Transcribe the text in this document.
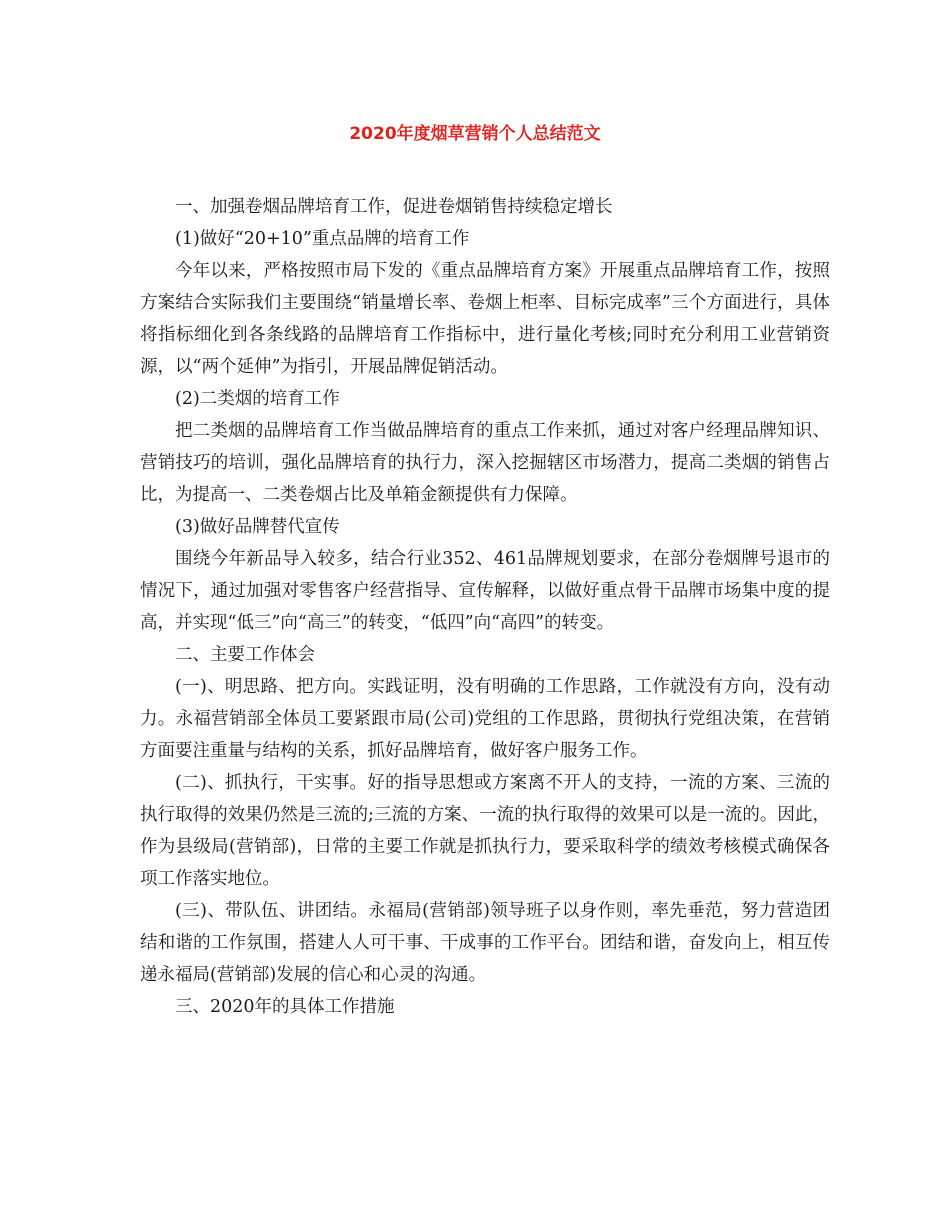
2020年度烟草营销个人总结范文

一、加强卷烟品牌培育工作，促进卷烟销售持续稳定增长

(1)做好“20+10”重点品牌的培育工作

今年以来，严格按照市局下发的《重点品牌培育方案》开展重点品牌培育工作，按照方案结合实际我们主要围绕“销量增长率、卷烟上柜率、目标完成率”三个方面进行，具体将指标细化到各条线路的品牌培育工作指标中，进行量化考核;同时充分利用工业营销资源，以“两个延伸”为指引，开展品牌促销活动。

(2)二类烟的培育工作

把二类烟的品牌培育工作当做品牌培育的重点工作来抓，通过对客户经理品牌知识、营销技巧的培训，强化品牌培育的执行力，深入挖掘辖区市场潜力，提高二类烟的销售占比，为提高一、二类卷烟占比及单箱金额提供有力保障。

(3)做好品牌替代宣传

围绕今年新品导入较多，结合行业352、461品牌规划要求，在部分卷烟牌号退市的情况下，通过加强对零售客户经营指导、宣传解释，以做好重点骨干品牌市场集中度的提高，并实现“低三”向“高三”的转变，“低四”向“高四”的转变。

二、主要工作体会

(一)、明思路、把方向。实践证明，没有明确的工作思路，工作就没有方向，没有动力。永福营销部全体员工要紧跟市局(公司)党组的工作思路，贯彻执行党组决策，在营销方面要注重量与结构的关系，抓好品牌培育，做好客户服务工作。

(二)、抓执行，干实事。好的指导思想或方案离不开人的支持，一流的方案、三流的执行取得的效果仍然是三流的;三流的方案、一流的执行取得的效果可以是一流的。因此，作为县级局(营销部)，日常的主要工作就是抓执行力，要采取科学的绩效考核模式确保各项工作落实地位。

(三)、带队伍、讲团结。永福局(营销部)领导班子以身作则，率先垂范，努力营造团结和谐的工作氛围，搭建人人可干事、干成事的工作平台。团结和谐，奋发向上，相互传递永福局(营销部)发展的信心和心灵的沟通。

三、2020年的具体工作措施
